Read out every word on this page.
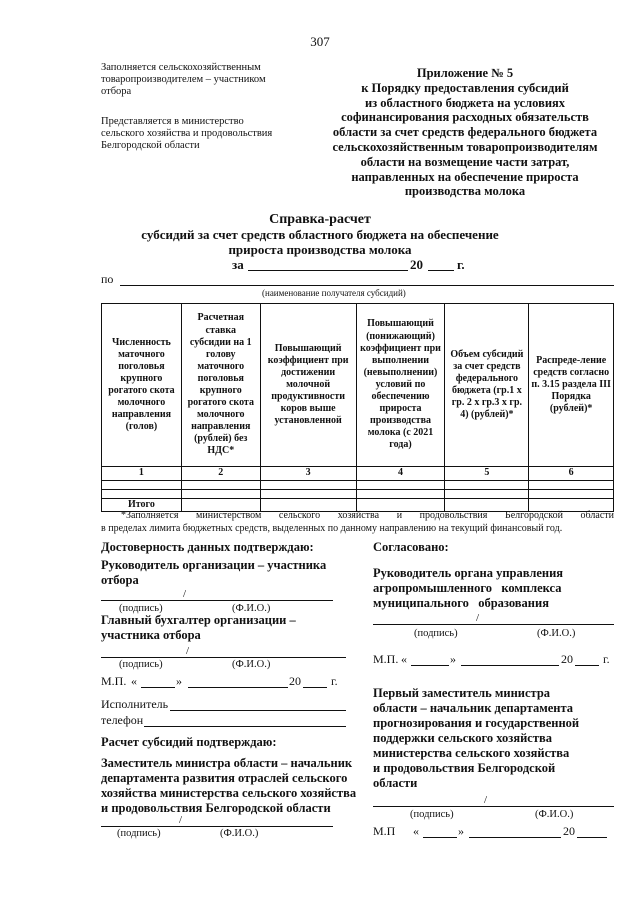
307
Заполняется сельскохозяйственным
товаропроизводителем – участником
отбора
Представляется в министерство
сельского хозяйства и продовольствия
Белгородской области
Приложение № 5
к Порядку предоставления субсидий
из областного бюджета на условиях
софинансирования расходных обязательств
области за счет средств федерального бюджета
сельскохозяйственным товаропроизводителям
области на возмещение части затрат,
направленных на обеспечение прироста
производства молока
Справка-расчет
субсидий за счет средств областного бюджета на обеспечение
прироста производства молока
за	20	г.
по
(наименование получателя субсидий)
Численность маточного поголовья крупного рогатого скота молочного направления (голов)	Расчетная ставка субсидии на 1 голову маточного поголовья крупного рогатого скота молочного направления (рублей) без НДС*	Повышающий коэффициент при достижении молочной продуктивности коров выше установленной	Повышающий (понижающий) коэффициент при выполнении (невыполнении) условий по обеспечению прироста производства молока (с 2021 года)	Объем субсидий за счет средств федерального бюджета (гр.1 x гр. 2 x гр.3 x гр. 4) (рублей)*	Распреде-ление средств согласно п. 3.15 раздела III Порядка (рублей)*
1	2	3	4	5	6

Итого					
*Заполняется министерством сельского хозяйства и продовольствия Белгородской области
в пределах лимита бюджетных средств, выделенных по данному направлению на текущий финансовый год.
Достоверность данных подтверждаю:
Руководитель организации – участника
отбора
/
(подпись)	(Ф.И.О.)
Главный бухгалтер организации –
участника отбора
/
(подпись)	(Ф.И.О.)
М.П. «	»	20	г.
Исполнитель
телефон
Расчет субсидий подтверждаю:
Заместитель министра области – начальник
департамента развития отраслей сельского
хозяйства министерства сельского хозяйства
и продовольствия Белгородской области
/
(подпись)	(Ф.И.О.)
Согласовано:
Руководитель органа управления
агропромышленного   комплекса
муниципального   образования
/
(подпись)	(Ф.И.О.)
М.П. «	»	20	г.
Первый заместитель министра
области – начальник департамента
прогнозирования и государственной
поддержки сельского хозяйства
министерства сельского хозяйства
и продовольствия Белгородской
области
/
(подпись)	(Ф.И.О.)
М.П «	»	20
